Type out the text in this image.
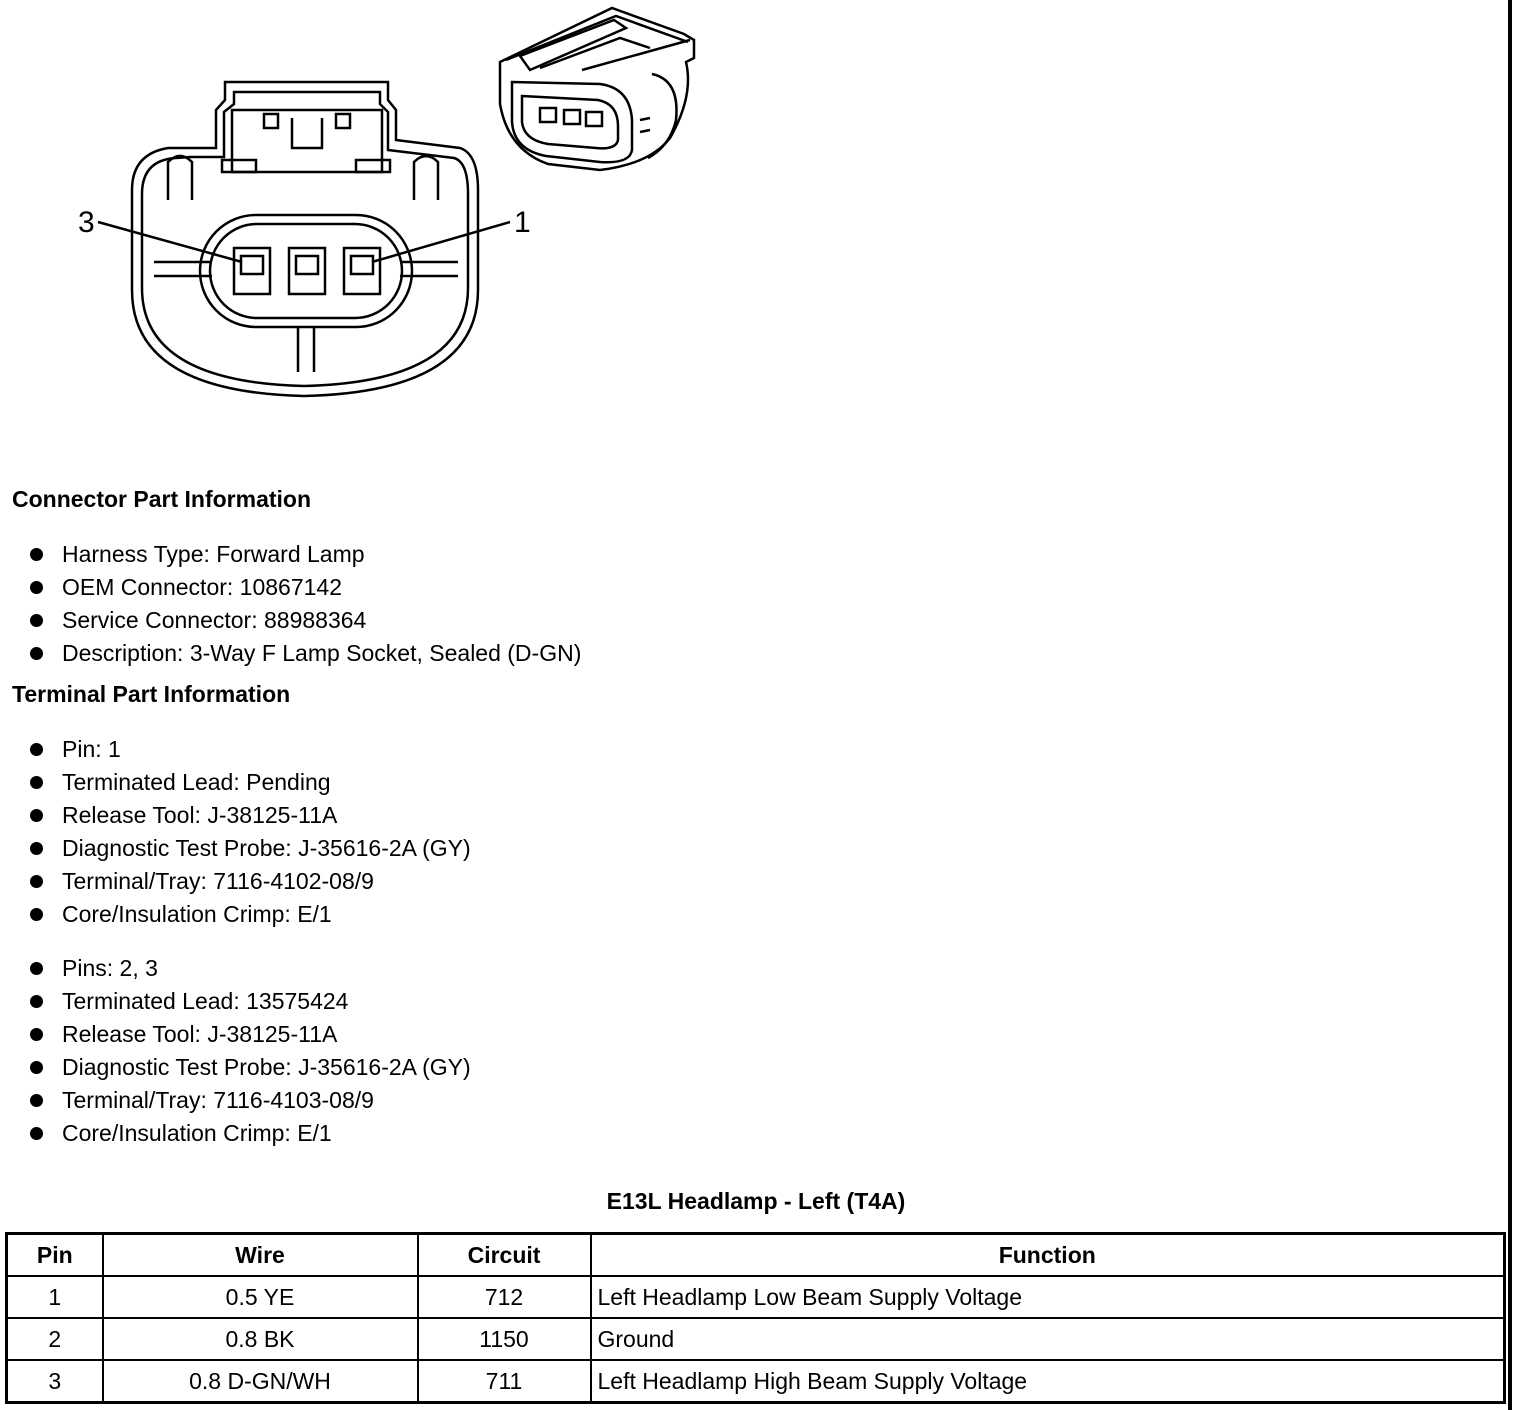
3	1
Connector Part Information
Harness Type: Forward Lamp
OEM Connector: 10867142
Service Connector: 88988364
Description: 3-Way F Lamp Socket, Sealed (D-GN)
Terminal Part Information
Pin: 1
Terminated Lead: Pending
Release Tool: J-38125-11A
Diagnostic Test Probe: J-35616-2A (GY)
Terminal/Tray: 7116-4102-08/9
Core/Insulation Crimp: E/1
Pins: 2, 3
Terminated Lead: 13575424
Release Tool: J-38125-11A
Diagnostic Test Probe: J-35616-2A (GY)
Terminal/Tray: 7116-4103-08/9
Core/Insulation Crimp: E/1
E13L Headlamp - Left (T4A)
Pin	Wire	Circuit	Function
1	0.5 YE	712	Left Headlamp Low Beam Supply Voltage
2	0.8 BK	1150	Ground
3	0.8 D-GN/WH	711	Left Headlamp High Beam Supply Voltage
